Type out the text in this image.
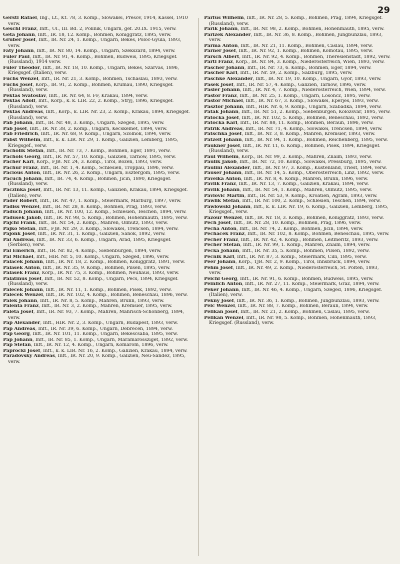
29
Gerstl Rafael, Ing., Lt., Kt. 78, 3. Komp., Slowakei, Prešov, 1914, Kassel, 1910 verw.
Geschl Franz, Inft., Ul., III. Bd. 2, Polinik, Ungarn, gef. 20.IX. 1915, verw.
Geta Johann, Inft., IR. 18, 12. Komp., Böhmen, Koniggrätz, 1895, verw.
Gruber Josef, Inft., IR. Nr. 24, 1. Komp., Ungarn, Bekés, Pölöc-Gyula, 1893, verw.
Faty Johann, Inft., IR. Nr. 80, 14. Komp., Ungarn, Szekszárd, 1894, verw.
Fuler Paul, Inft., IR. Nr. 91, 4. Komp., Böhmen, Budweis, 1895, Kriegsgef. (Russland), 1914 verw.
Fuler Theodor, Inft., IR. Nr. 18, 10. Komp., Ungarn, Bekés, Szarvas, 1896, Kriegsgef. (Italien), verw.
Fuchs Wenzel, Inft., IR. Nr. 21, 3. Komp., Böhmen, Tschaslau, 1893, verw.
Fuchs Josef, Korp., IR. 91, 2. Komp., Böhmen, Krumau, 1890, Kriegsgef. (Russland), verw.
Pektas Svatoslav, Inft., IR. Nr. 64, 8. FF, Krakau, 1894, verw.
Pektas Adolf, Inft., Korp., k. k. LIR. 22, 2. Komp., Stryj, 1896, Kriegsgef. (Russland), verw.
Pektas Andreas, Inft., Korp., k. LIR. Nr. 23, 2. Komp., Krakau, 1894, Kriegsgef. (Russland), verw.
Pab Johann, Inft., IR. Nr. 48, 3. Komp., Ungarn, Szeged, 1895, verw.
Pab Josef, Inft., IR. Nr. 38, 2. Komp., Ungarn, Kecskemét, 1894, verw.
Pab Friedrich, Inft., IR. Nr. 68, 9. Komp., Ungarn, Szolnok, 1894, verw.
Pabst Wilhelm, Inft., k. k. LIR. Nr. 29, 1. Komp., Galizien, Lemberg, 1895, Kriegsgef., verw.
Pacholik Stefan, Inft., IR. Nr. 73, 7. Komp., Böhmen, Eger, 1891, verw.
Pachols Georg, Inft., IR. Nr. 57, 10. Komp., Galizien, Tarnów, 1895, verw.
Pacher Karl, Korp., FJB. Nr. 24, 3. Komp., Tirol, Bozen, 1893, verw.
Pachur Franz, Inft., IR. Nr. 1, 4. Komp., Schlesien, Troppau, 1896, verw.
Pacious Anton, Inft., IR. Nr. 26, 2. Komp., Ungarn, Esztergom, 1895, verw.
Pacuch Johann, Inft., IR. 74, 4. Komp., Böhmen, Jičín, 1890, Kriegsgef. (Russland), verw.
Paczinka Josef, Inft., IR. Nr. 13, 11. Komp., Galizien, Krakau, 1894, Kriegsgef. (Italien), verw.
Pader Robert, Inft., IR. Nr. 47, 1. Komp., Steiermark, Marburg, 1897, verw.
Padiss Wenzel, Inft., IR. Nr. 28, 8. Komp., Böhmen, Prag, 1893, verw.
Paduch Johann, Inft., IR. Nr. 100, 12. Komp., Schlesien, Teschen, 1894, verw.
Padusek Jakob, Inft., IR. Nr. 98, 5. Komp., Böhmen, Hohenmauth, 1895, verw.
Pajchl Frank, Inft., IR. Nr. 54, 2. Komp., Mähren, Olmütz, 1893, verw.
Pajko Stefan, Inft., FJB. Nr. 29, 3. Komp., Slowakei, Trencsén, 1894, verw.
Pajonk Josef, Inft., IR. Nr. 31, 1. Komp., Galizien, Sanok, 1892, verw.
Pal Andreas, Inft., IR. Nr. 33, 6. Komp., Ungarn, Arad, 1895, Kriegsgef. (Serbien), verw.
Pal Emerich, Inft., IR. Nr. 82, 4. Komp., Siebenbürgen, 1894, verw.
Pal Michael, Inft., HIR. Nr. 5, 10. Komp., Ungarn, Szeged, 1896, verw.
Palacek Johann, Inft., IR. Nr. 18, 2. Komp., Böhmen, Königgrätz, 1891, verw.
Palasek Anton, Inft., IR. Nr. 35, 9. Komp., Böhmen, Pilsen, 1895, verw.
Palasek Franz, Korp., IR. Nr. 75, 3. Komp., Böhmen, Neuhaus, 1893, verw.
Palatinus Josef, Inft., IR. Nr. 52, 8. Komp., Ungarn, Pécs, 1894, Kriegsgef. (Russland), verw.
Palecek Johann, Inft., IR. Nr. 11, 1. Komp., Böhmen, Pisek, 1892, verw.
Palecek Wenzel, Inft., IR. Nr. 102, 4. Komp., Böhmen, Beneschau, 1896, verw.
Palek Johann, Inft., IR. Nr. 8, 5. Komp., Mähren, Brünn, 1893, verw.
Palenta Franz, Inft., IR. Nr. 3, 2. Komp., Mähren, Kremsier, 1895, verw.
Paleta Josef, Inft., IR. Nr. 93, 7. Komp., Mähren, Mährisch-Schönberg, 1894, verw.
Pap Alexander, Inft., HIR. Nr. 2, 3. Komp., Ungarn, Budapest, 1893, verw.
Pap Andreas, Inft., IR. Nr. 39, 6. Komp., Ungarn, Debrecen, 1894, verw.
Pap Georg, Inft., IR. Nr. 101, 11. Komp., Ungarn, Békéscsaba, 1895, verw.
Pap Johann, Inft., IR. Nr. 85, 1. Komp., Ungarn, Máramarossziget, 1892, verw.
Pap Stefan, Inft., IR. Nr. 12, 4. Komp., Ungarn, Komárom, 1896, verw.
Paprocki Josef, Inft., k. k. LIR. Nr. 16, 2. Komp., Galizien, Krakau, 1894, verw.
Paradovsky Andreas, Inft., IR. Nr. 20, 9. Komp., Galizien, Neu-Sandez, 1895, verw.
Parfus Wilhelm, Inft., IR. Nr. 28, 5. Komp., Böhmen, Prag, 1894, Kriegsgef. (Russland), verw.
Parik Johann, Inft., IR. Nr. 98, 2. Komp., Böhmen, Hohenmauth, 1895, verw.
Parizek Alexander, Inft., IR. Nr. 36, 8. Komp., Böhmen, Jungbunzlau, 1893, verw.
Parma Anton, Inft., IR. Nr. 21, 11. Komp., Böhmen, Časlau, 1894, verw.
Parner Josef, Inft., IR. Nr. 92, 1. Komp., Böhmen, Komotau, 1895, verw.
Parsch Albert, Inft., IR. Nr. 92, 4. Komp., Böhmen, Theresienstadt, 1892, verw.
Partl Franz, Korp., IR. Nr. 84, 3. Komp., Niederösterreich, Wien, 1893, verw.
Pascher Johann, Inft., IR. Nr. 73, 6. Komp., Böhmen, Eger, 1894, verw.
Pascher Karl, Inft., IR. Nr. 59, 2. Komp., Salzburg, 1895, verw.
Paschke Alexander, Inft., IR. Nr. 19, 10. Komp., Ungarn, Győr, 1893, verw.
Pasek Josef, Inft., IR. Nr. 57, 4. Komp., Galizien, Tarnów, 1896, verw.
Pasler Johann, Inft., IR. Nr. 4, 7. Komp., Niederösterreich, Wien, 1894, verw.
Pastor Franz, Inft., IR. Nr. 25, 1. Komp., Ungarn, Losoncz, 1895, verw.
Pastor Michael, Inft., IR. Nr. 67, 3. Komp., Slowakei, Eperjes, 1893, verw.
Pasztor Johann, Inft., HIR. Nr. 6, 9. Komp., Ungarn, Szabadka, 1894, verw.
Patak Johann, Inft., IR. Nr. 51, 2. Komp., Siebenbürgen, Kolozsvár, 1895, verw.
Patocka Josef, Inft., IR. Nr. 102, 5. Komp., Böhmen, Beneschau, 1892, verw.
Patocka Karl, Inft., IR. Nr. 88, 11. Komp., Böhmen, Beraun, 1896, verw.
Patrik Andreas, Inft., IR. Nr. 71, 4. Komp., Slowakei, Trencsén, 1894, verw.
Patschka Josef, Inft., IR. Nr. 3, 8. Komp., Mähren, Kremsier, 1893, verw.
Patzelt Johann, Inft., IR. Nr. 94, 1. Komp., Böhmen, Reichenberg, 1895, verw.
Paukner Josef, Inft., IR. Nr. 11, 6. Komp., Böhmen, Pisek, 1894, Kriegsgef. (Russland), verw.
Paul Wilhelm, Korp., IR. Nr. 99, 2. Komp., Mähren, Znaim, 1893, verw.
Paulik Jakob, Inft., IR. Nr. 72, 10. Komp., Slowakei, Pressburg, 1895, verw.
Paulini Alexander, Inft., IR. Nr. 97, 3. Komp., Küstenland, Triest, 1894, verw.
Pauser Johann, Inft., IR. Nr. 14, 5. Komp., Oberösterreich, Linz, 1892, verw.
Pavelka Anton, Inft., IR. Nr. 8, 4. Komp., Mähren, Brünn, 1896, verw.
Pavlik Franz, Inft., IR. Nr. 13, 7. Komp., Galizien, Krakau, 1894, verw.
Pavlik Johann, Inft., IR. Nr. 54, 1. Komp., Mähren, Olmütz, 1895, verw.
Pavlovic Martin, Inft., IR. Nr. 53, 9. Komp., Kroatien, Agram, 1893, verw.
Pawlik Stefan, Inft., IR. Nr. 100, 2. Komp., Schlesien, Teschen, 1894, verw.
Pawlowski Johann, Inft., k. k. LIR. Nr. 19, 6. Komp., Galizien, Lemberg, 1895, Kriegsgef., verw.
Pazour Wenzel, Inft., IR. Nr. 18, 3. Komp., Böhmen, Königgrätz, 1893, verw.
Pech Josef, Inft., IR. Nr. 28, 10. Komp., Böhmen, Prag, 1896, verw.
Pecha Anton, Inft., IR. Nr. 74, 2. Komp., Böhmen, Jičín, 1894, verw.
Pechacek Franz, Inft., IR. Nr. 102, 8. Komp., Böhmen, Beneschau, 1895, verw.
Pecher Franz, Inft., IR. Nr. 42, 4. Komp., Böhmen, Leitmeritz, 1893, verw.
Pecher Stefan, Inft., IR. Nr. 99, 1. Komp., Mähren, Znaim, 1894, verw.
Pecka Johann, Inft., IR. Nr. 35, 5. Komp., Böhmen, Pilsen, 1892, verw.
Pecnik Karl, Inft., IR. Nr. 87, 3. Komp., Steiermark, Cilli, 1895, verw.
Peer Johann, Korp., TJR. Nr. 2, 9. Komp., Tirol, Innsbruck, 1894, verw.
Pehm Josef, Inft., IR. Nr. 49, 2. Komp., Niederösterreich, St. Pölten, 1893, verw.
Peichl Georg, Inft., IR. Nr. 91, 6. Komp., Böhmen, Budweis, 1895, verw.
Peinlich Anton, Inft., IR. Nr. 27, 11. Komp., Steiermark, Graz, 1894, verw.
Peker Johann, Inft., IR. Nr. 46, 4. Komp., Ungarn, Szeged, 1896, Kriegsgef. (Italien), verw.
Pekny Josef, Inft., IR. Nr. 36, 1. Komp., Böhmen, Jungbunzlau, 1893, verw.
Pelc Wenzel, Inft., IR. Nr. 88, 7. Komp., Böhmen, Beraun, 1894, verw.
Pelikan Josef, Inft., IR. Nr. 21, 2. Komp., Böhmen, Časlau, 1895, verw.
Pelikan Wenzel, Inft., IR. Nr. 98, 5. Komp., Böhmen, Hohenmauth, 1893, Kriegsgef. (Russland), verw.
